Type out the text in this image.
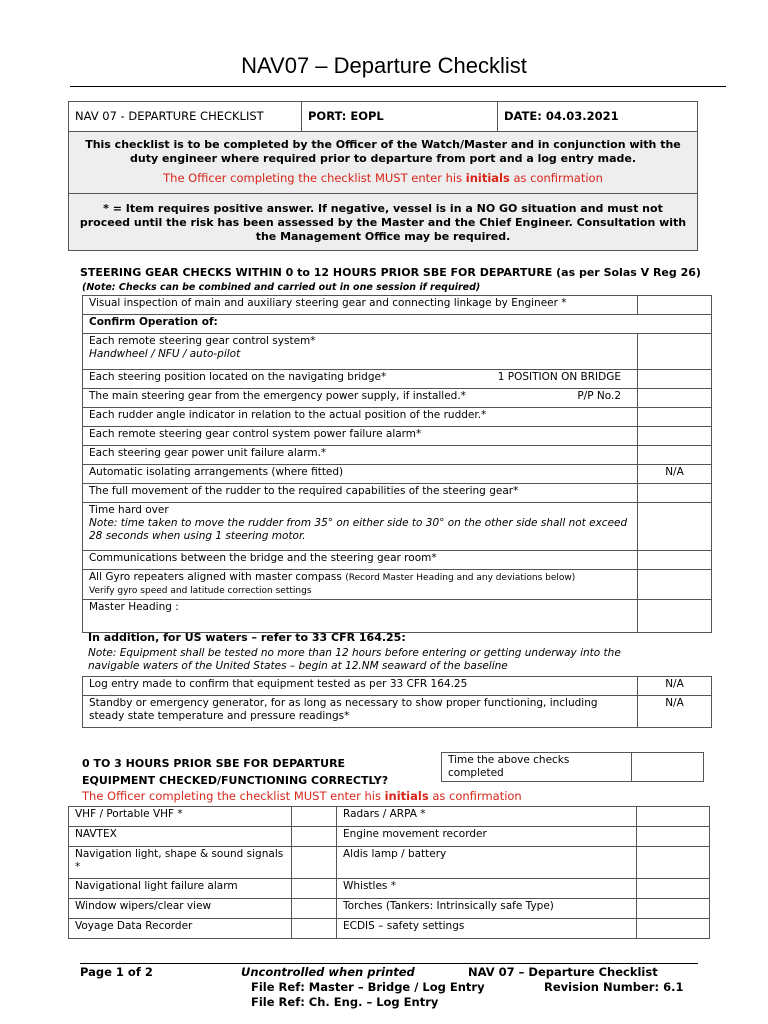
NAV07 – Departure Checklist
NAV 07 - DEPARTURE CHECKLIST	PORT: EOPL	DATE: 04.03.2021
This checklist is to be completed by the Officer of the Watch/Master and in conjunction with the duty engineer where required prior to departure from port and a log entry made.
The Officer completing the checklist MUST enter his initials as confirmation
* = Item requires positive answer. If negative, vessel is in a NO GO situation and must not proceed until the risk has been assessed by the Master and the Chief Engineer. Consultation with the Management Office may be required.
STEERING GEAR CHECKS WITHIN 0 to 12 HOURS PRIOR SBE FOR DEPARTURE (as per Solas V Reg 26)
(Note: Checks can be combined and carried out in one session if required)
Visual inspection of main and auxiliary steering gear and connecting linkage by Engineer *	
Confirm Operation of:	

Each remote steering gear control system*
Handwheel / NFU / auto-pilot	

Each steering position located on the navigating bridge* 1 POSITION ON BRIDGE	

The main steering gear from the emergency power supply, if installed.* P/P No.2	

Each rudder angle indicator in relation to the actual position of the rudder.*	
Each remote steering gear control system power failure alarm*	
Each steering gear power unit failure alarm.*	
Automatic isolating arrangements (where fitted)	N/A
The full movement of the rudder to the required capabilities of the steering gear*	

Time hard over
Note: time taken to move the rudder from 35° on either side to 30° on the other side shall not exceed 28 seconds when using 1 steering motor.	

Communications between the bridge and the steering gear room*	

All Gyro repeaters aligned with master compass (Record Master Heading and any deviations below)
Verify gyro speed and latitude correction settings	

Master Heading :	
In addition, for US waters – refer to 33 CFR 164.25:
Note: Equipment shall be tested no more than 12 hours before entering or getting underway into the navigable waters of the United States – begin at 12.NM seaward of the baseline
Log entry made to confirm that equipment tested as per 33 CFR 164.25	N/A
Standby or emergency generator, for as long as necessary to show proper functioning, including steady state temperature and pressure readings*	N/A
0 TO 3 HOURS PRIOR SBE FOR DEPARTURE
EQUIPMENT CHECKED/FUNCTIONING CORRECTLY?
Time the above checks completed	
The Officer completing the checklist MUST enter his initials as confirmation
VHF / Portable VHF *		Radars / ARPA *	
NAVTEX		Engine movement recorder	
Navigation light, shape & sound signals *		Aldis lamp / battery	
Navigational light failure alarm		Whistles *	
Window wipers/clear view		Torches (Tankers: Intrinsically safe Type)	
Voyage Data Recorder		ECDIS – safety settings	
Page 1 of 2	Uncontrolled when printed	NAV 07 – Departure Checklist
File Ref: Master – Bridge / Log Entry	Revision Number: 6.1
File Ref: Ch. Eng. – Log Entry
